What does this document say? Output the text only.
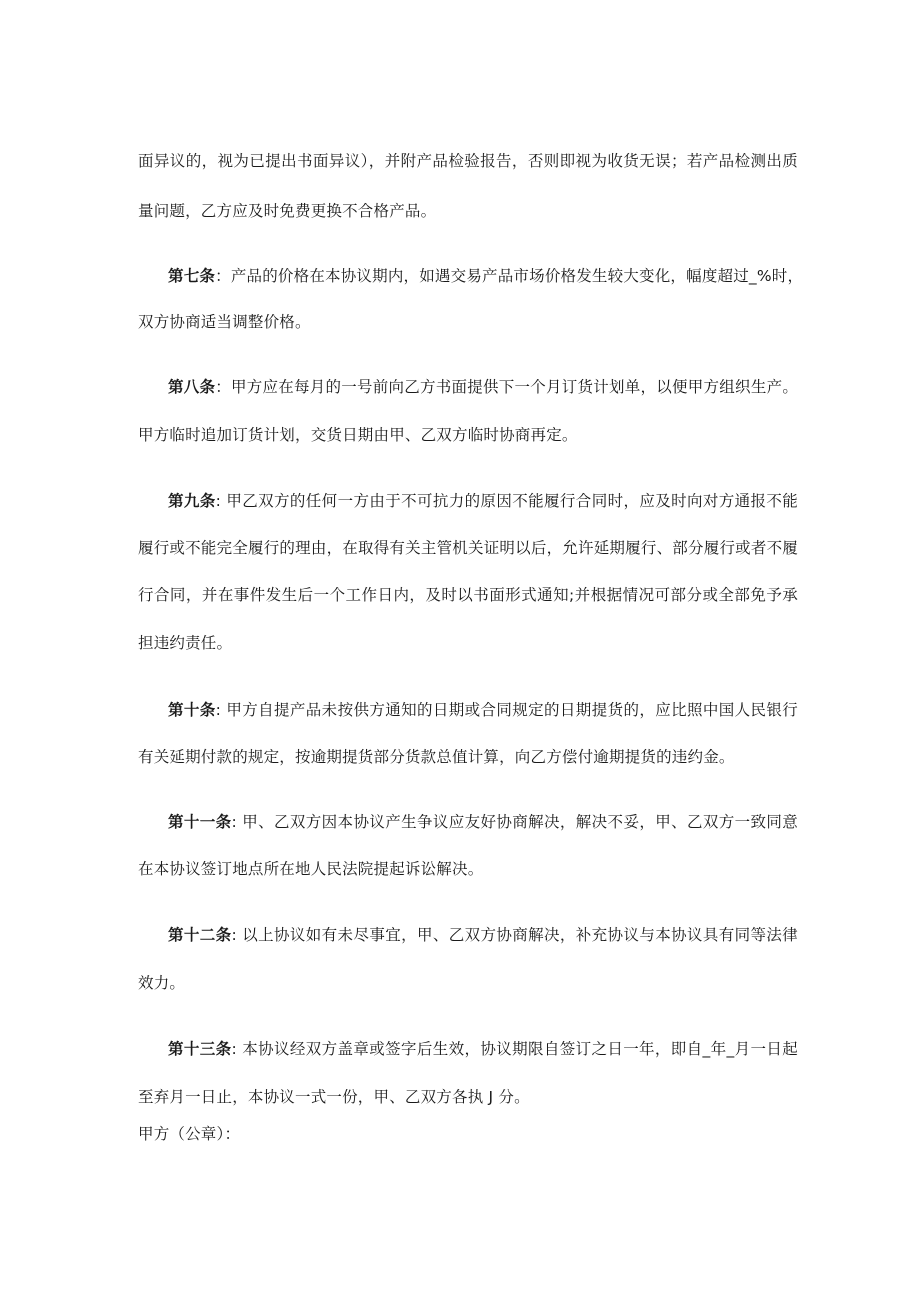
面异议的，视为已提出书面异议），并附产品检验报告，否则即视为收货无误；若产品检测出质
量问题，乙方应及时免费更换不合格产品。
第七条：产品的价格在本协议期内，如遇交易产品市场价格发生较大变化，幅度超过_%时，
双方协商适当调整价格。
第八条：甲方应在每月的一号前向乙方书面提供下一个月订货计划单，以便甲方组织生产。
甲方临时追加订货计划，交货日期由甲、乙双方临时协商再定。
第九条: 甲乙双方的任何一方由于不可抗力的原因不能履行合同时，应及时向对方通报不能
履行或不能完全履行的理由，在取得有关主管机关证明以后，允许延期履行、部分履行或者不履
行合同，并在事件发生后一个工作日内，及时以书面形式通知;并根据情况可部分或全部免予承
担违约责任。
第十条: 甲方自提产品未按供方通知的日期或合同规定的日期提货的，应比照中国人民银行
有关延期付款的规定，按逾期提货部分货款总值计算，向乙方偿付逾期提货的违约金。
第十一条: 甲、乙双方因本协议产生争议应友好协商解决，解决不妥，甲、乙双方一致同意
在本协议签订地点所在地人民法院提起诉讼解决。
第十二条: 以上协议如有未尽事宜，甲、乙双方协商解决，补充协议与本协议具有同等法律
效力。
第十三条: 本协议经双方盖章或签字后生效，协议期限自签订之日一年，即自_年_月一日起
至弃月一日止，本协议一式一份，甲、乙双方各执 J 分。
甲方（公章）：
